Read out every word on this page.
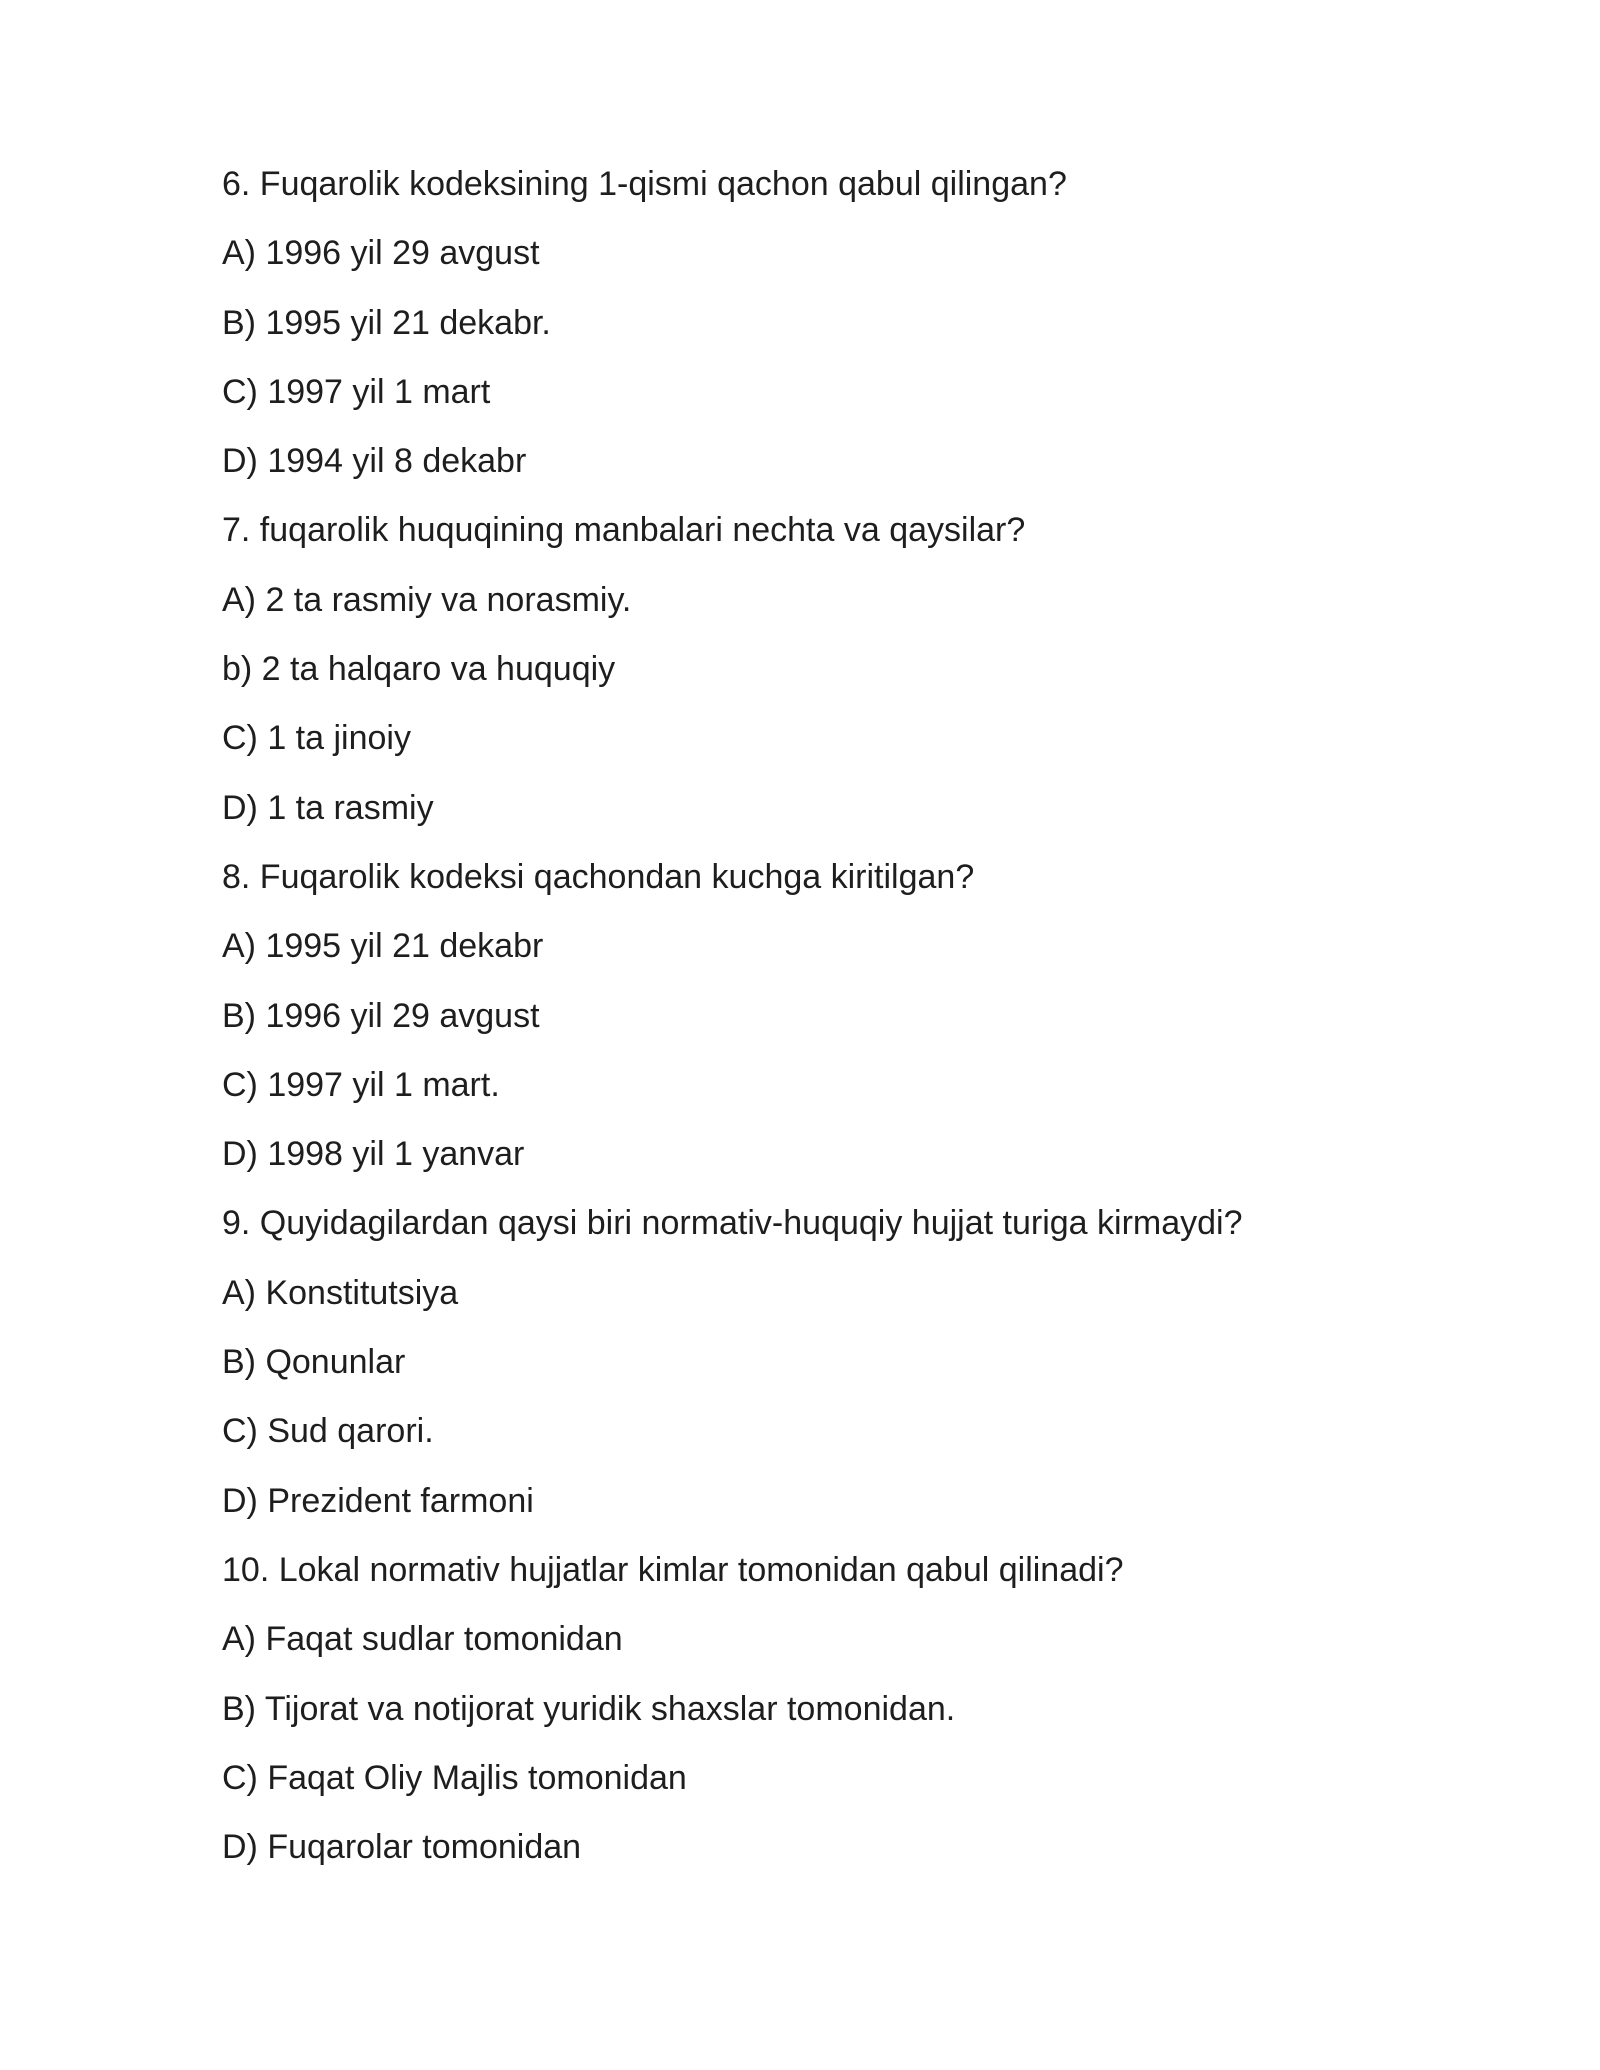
6. Fuqarolik kodeksining 1-qismi qachon qabul qilingan?
A) 1996 yil 29 avgust
B) 1995 yil 21 dekabr.
C) 1997 yil 1 mart
D) 1994 yil 8 dekabr
7. fuqarolik huquqining manbalari nechta va qaysilar?
A) 2 ta rasmiy va norasmiy.
b) 2 ta halqaro va huquqiy
C) 1 ta jinoiy
D) 1 ta rasmiy
8. Fuqarolik kodeksi qachondan kuchga kiritilgan?
A) 1995 yil 21 dekabr
B) 1996 yil 29 avgust
C) 1997 yil 1 mart.
D) 1998 yil 1 yanvar
9. Quyidagilardan qaysi biri normativ-huquqiy hujjat turiga kirmaydi?
A) Konstitutsiya
B) Qonunlar
C) Sud qarori.
D) Prezident farmoni
10. Lokal normativ hujjatlar kimlar tomonidan qabul qilinadi?
A) Faqat sudlar tomonidan
B) Tijorat va notijorat yuridik shaxslar tomonidan.
C) Faqat Oliy Majlis tomonidan
D) Fuqarolar tomonidan
